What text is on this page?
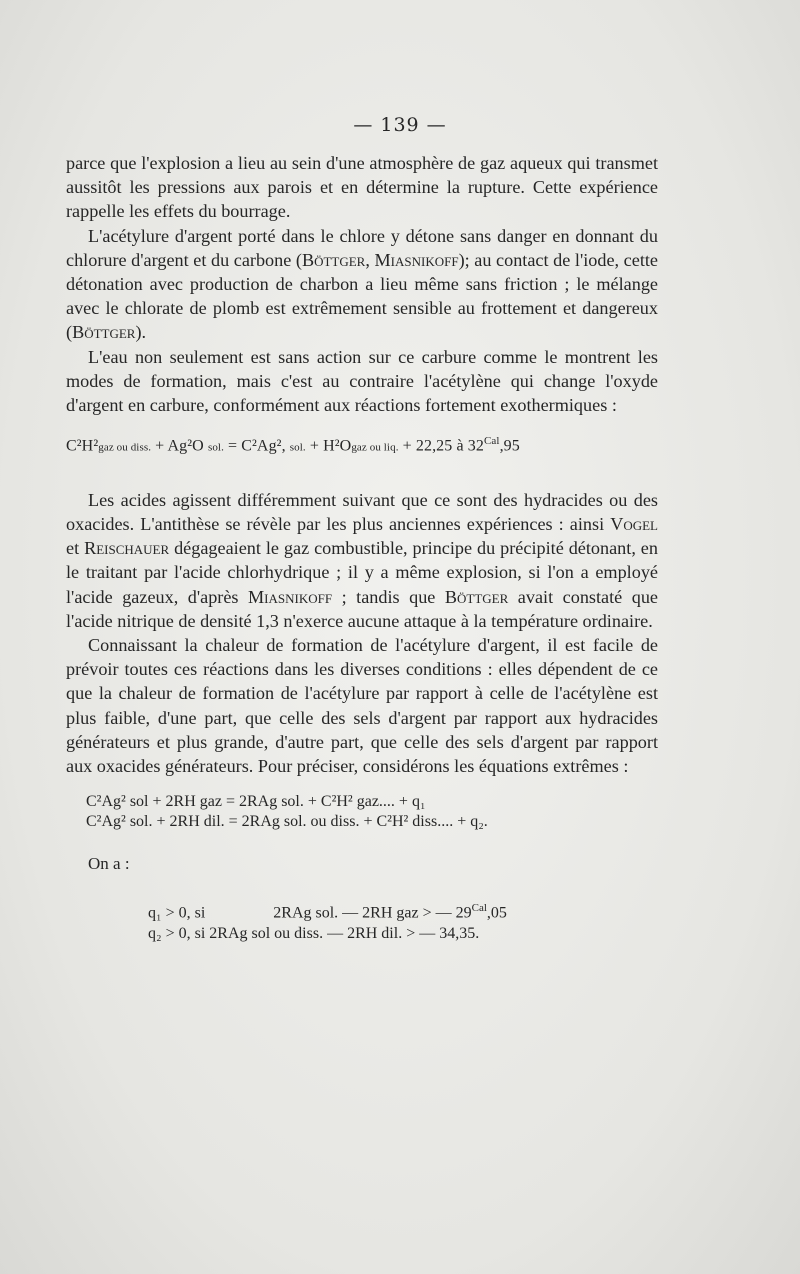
— 139 —

parce que l'explosion a lieu au sein d'une atmosphère de gaz aqueux qui transmet aussitôt les pressions aux parois et en détermine la rupture. Cette expérience rappelle les effets du bourrage.

L'acétylure d'argent porté dans le chlore y détone sans danger en donnant du chlorure d'argent et du carbone (Böttger, Miasnikoff); au contact de l'iode, cette détonation avec production de charbon a lieu même sans friction ; le mélange avec le chlorate de plomb est extrêmement sensible au frottement et dangereux (Böttger).

L'eau non seulement est sans action sur ce carbure comme le montrent les modes de formation, mais c'est au contraire l'acétylène qui change l'oxyde d'argent en carbure, conformément aux réactions fortement exothermiques :

C²H²gaz ou diss. + Ag²O sol. = C²Ag², sol. + H²Ogaz ou liq. + 22,25 à $32^{Cal},95$

Les acides agissent différemment suivant que ce sont des hydracides ou des oxacides. L'antithèse se révèle par les plus anciennes expériences : ainsi Vogel et Reischauer dégageaient le gaz combustible, principe du précipité détonant, en le traitant par l'acide chlorhydrique ; il y a même explosion, si l'on a employé l'acide gazeux, d'après Miasnikoff ; tandis que Böttger avait constaté que l'acide nitrique de densité 1,3 n'exerce aucune attaque à la température ordinaire.

Connaissant la chaleur de formation de l'acétylure d'argent, il est facile de prévoir toutes ces réactions dans les diverses conditions : elles dépendent de ce que la chaleur de formation de l'acétylure par rapport à celle de l'acétylène est plus faible, d'une part, que celle des sels d'argent par rapport aux hydracides générateurs et plus grande, d'autre part, que celle des sels d'argent par rapport aux oxacides générateurs. Pour préciser, considérons les équations extrêmes :

C²Ag² sol + 2RH gaz = 2RAg sol. + C²H² gaz.... + q₁
C²Ag² sol. + 2RH dil. = 2RAg sol. ou diss. + C²H² diss.... + q₂.
On a :
q₁ > 0, si	2RAg sol. — 2RH gaz > — $29^{Cal},05$
q₂ > 0, si 2RAg sol ou diss. — 2RH dil. > — 34,35.
